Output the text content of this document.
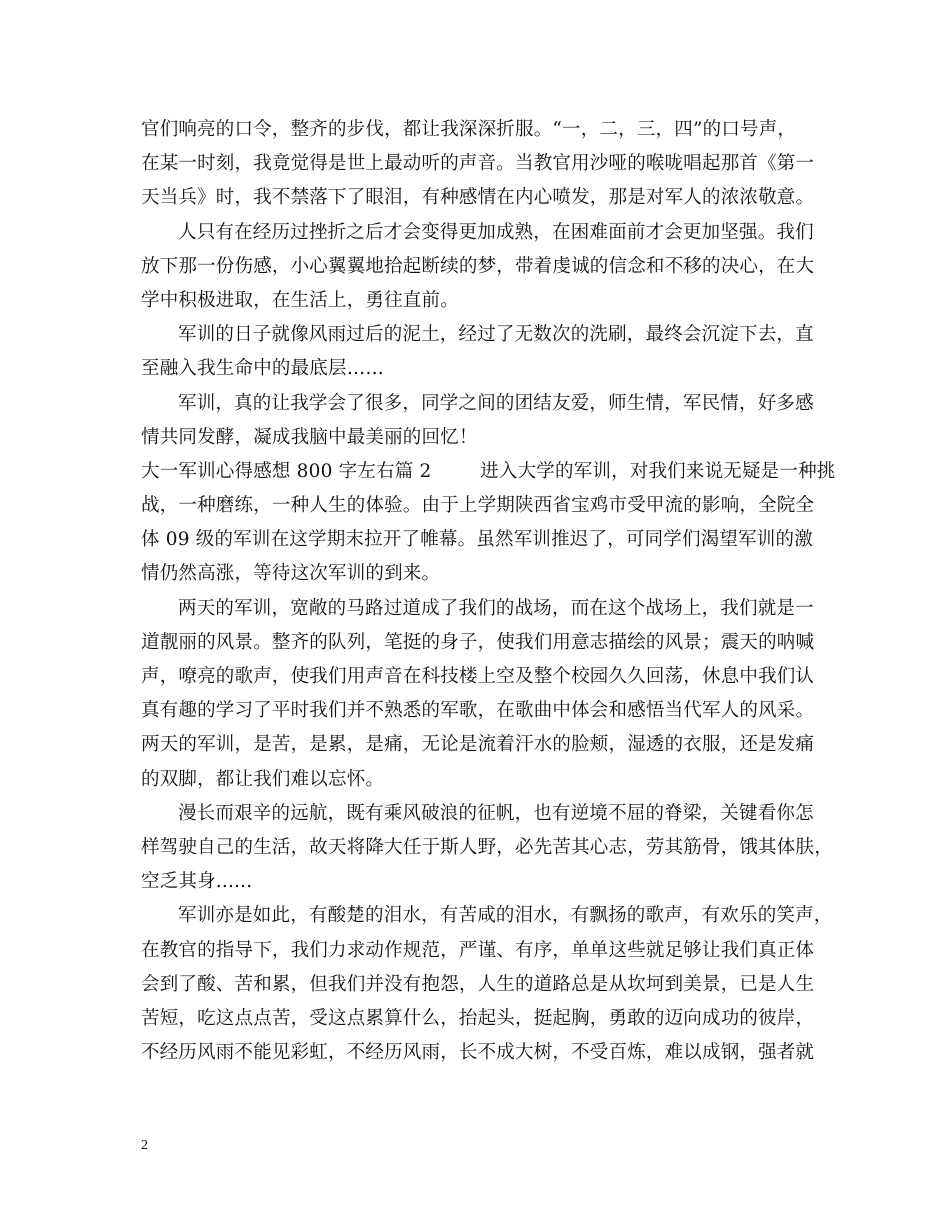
官们响亮的口令，整齐的步伐，都让我深深折服。“一，二，三，四”的口号声，
在某一时刻，我竟觉得是世上最动听的声音。当教官用沙哑的喉咙唱起那首《第一
天当兵》时，我不禁落下了眼泪，有种感情在内心喷发，那是对军人的浓浓敬意。
人只有在经历过挫折之后才会变得更加成熟，在困难面前才会更加坚强。我们
放下那一份伤感，小心翼翼地拾起断续的梦，带着虔诚的信念和不移的决心，在大
学中积极进取，在生活上，勇往直前。
军训的日子就像风雨过后的泥土，经过了无数次的洗刷，最终会沉淀下去，直
至融入我生命中的最底层……
军训，真的让我学会了很多，同学之间的团结友爱，师生情，军民情，好多感
情共同发酵，凝成我脑中最美丽的回忆！
大一军训心得感想 800 字左右篇 2        进入大学的军训，对我们来说无疑是一种挑
战，一种磨练，一种人生的体验。由于上学期陕西省宝鸡市受甲流的影响，全院全
体 09 级的军训在这学期末拉开了帷幕。虽然军训推迟了，可同学们渴望军训的激
情仍然高涨，等待这次军训的到来。
两天的军训，宽敞的马路过道成了我们的战场，而在这个战场上，我们就是一
道靓丽的风景。整齐的队列，笔挺的身子，使我们用意志描绘的风景；震天的呐喊
声，嘹亮的歌声，使我们用声音在科技楼上空及整个校园久久回荡，休息中我们认
真有趣的学习了平时我们并不熟悉的军歌，在歌曲中体会和感悟当代军人的风采。
两天的军训，是苦，是累，是痛，无论是流着汗水的脸颊，湿透的衣服，还是发痛
的双脚，都让我们难以忘怀。
漫长而艰辛的远航，既有乘风破浪的征帆，也有逆境不屈的脊梁，关键看你怎
样驾驶自己的生活，故天将降大任于斯人野，必先苦其心志，劳其筋骨，饿其体肤，
空乏其身......
军训亦是如此，有酸楚的泪水，有苦咸的泪水，有飘扬的歌声，有欢乐的笑声，
在教官的指导下，我们力求动作规范，严谨、有序，单单这些就足够让我们真正体
会到了酸、苦和累，但我们并没有抱怨，人生的道路总是从坎坷到美景，已是人生
苦短，吃这点点苦，受这点累算什么，抬起头，挺起胸，勇敢的迈向成功的彼岸，
不经历风雨不能见彩虹，不经历风雨，长不成大树，不受百炼，难以成钢，强者就
2
